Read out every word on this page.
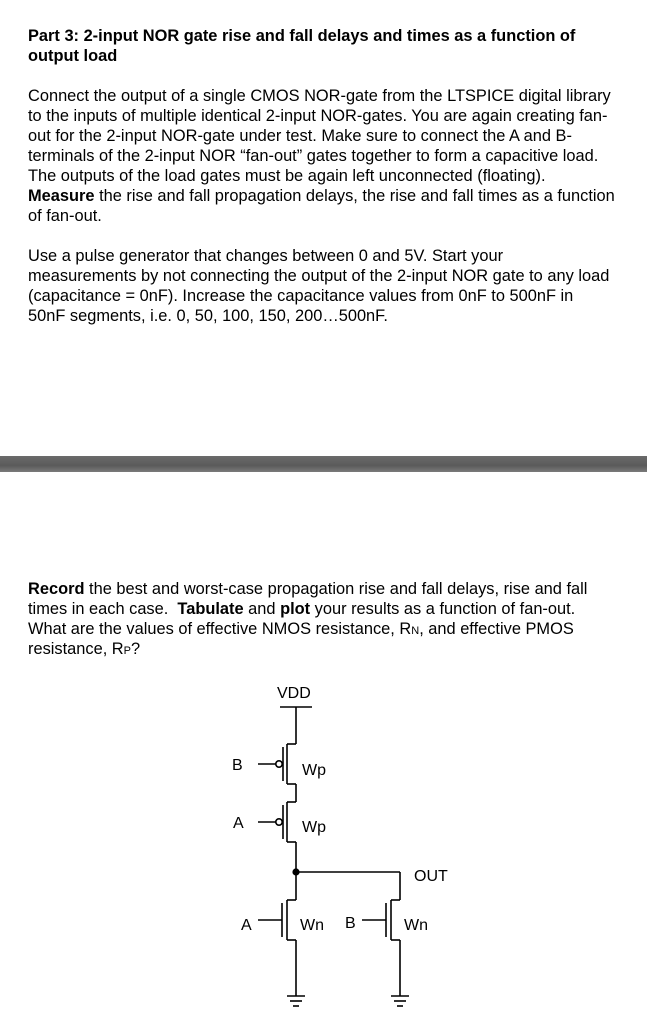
Part 3: 2-input NOR gate rise and fall delays and times as a function of
output load
Connect the output of a single CMOS NOR-gate from the LTSPICE digital library
to the inputs of multiple identical 2-input NOR-gates. You are again creating fan-
out for the 2-input NOR-gate under test. Make sure to connect the A and B-
terminals of the 2-input NOR “fan-out” gates together to form a capacitive load.
The outputs of the load gates must be again left unconnected (floating).
Measure the rise and fall propagation delays, the rise and fall times as a function
of fan-out.
Use a pulse generator that changes between 0 and 5V. Start your
measurements by not connecting the output of the 2-input NOR gate to any load
(capacitance = 0nF). Increase the capacitance values from 0nF to 500nF in
50nF segments, i.e. 0, 50, 100, 150, 200…500nF.
Record the best and worst-case propagation rise and fall delays, rise and fall
times in each case.  Tabulate and plot your results as a function of fan-out.
What are the values of effective NMOS resistance, RN, and effective PMOS
resistance, RP?
VDD
B	Wp
A	Wp
OUT
A	Wn B	Wn
